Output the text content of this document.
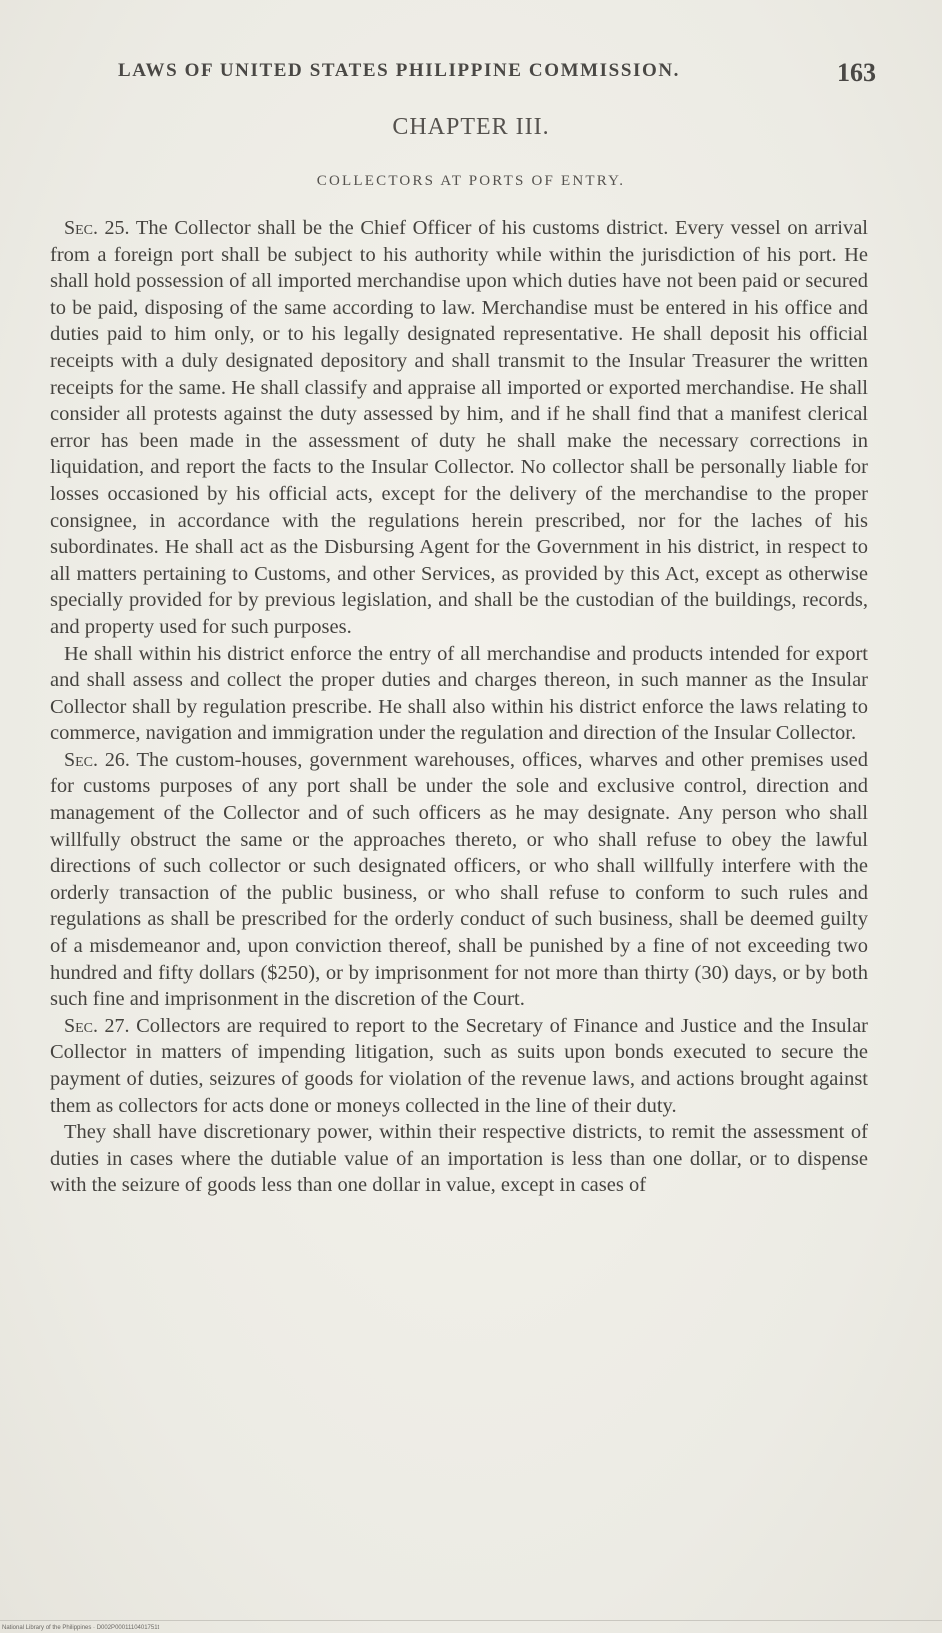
LAWS OF UNITED STATES PHILIPPINE COMMISSION.	163
CHAPTER III.
COLLECTORS AT PORTS OF ENTRY.

Sec. 25. The Collector shall be the Chief Officer of his customs district. Every vessel on arrival from a foreign port shall be subject to his authority while within the jurisdiction of his port. He shall hold possession of all imported merchandise upon which duties have not been paid or secured to be paid, disposing of the same according to law. Merchandise must be entered in his office and duties paid to him only, or to his legally designated representative. He shall deposit his official receipts with a duly designated depository and shall transmit to the Insular Treasurer the written receipts for the same. He shall classify and appraise all imported or exported merchandise. He shall consider all protests against the duty assessed by him, and if he shall find that a manifest clerical error has been made in the assessment of duty he shall make the necessary corrections in liquidation, and report the facts to the Insular Collector. No collector shall be personally liable for losses occasioned by his official acts, except for the delivery of the merchandise to the proper consignee, in accordance with the regulations herein prescribed, nor for the laches of his subordinates. He shall act as the Disbursing Agent for the Government in his district, in respect to all matters pertaining to Customs, and other Services, as provided by this Act, except as otherwise specially provided for by previous legislation, and shall be the custodian of the buildings, records, and property used for such purposes.

He shall within his district enforce the entry of all merchandise and products intended for export and shall assess and collect the proper duties and charges thereon, in such manner as the Insular Collector shall by regulation prescribe. He shall also within his district enforce the laws relating to commerce, navigation and immigration under the regulation and direction of the Insular Collector.

Sec. 26. The custom-houses, government warehouses, offices, wharves and other premises used for customs purposes of any port shall be under the sole and exclusive control, direction and management of the Collector and of such officers as he may designate. Any person who shall willfully obstruct the same or the approaches thereto, or who shall refuse to obey the lawful directions of such collector or such designated officers, or who shall willfully interfere with the orderly transaction of the public business, or who shall refuse to conform to such rules and regulations as shall be prescribed for the orderly conduct of such business, shall be deemed guilty of a misdemeanor and, upon conviction thereof, shall be punished by a fine of not exceeding two hundred and fifty dollars ($250), or by imprisonment for not more than thirty (30) days, or by both such fine and imprisonment in the discretion of the Court.

Sec. 27. Collectors are required to report to the Secretary of Finance and Justice and the Insular Collector in matters of impending litigation, such as suits upon bonds executed to secure the payment of duties, seizures of goods for violation of the revenue laws, and actions brought against them as collectors for acts done or moneys collected in the line of their duty.

They shall have discretionary power, within their respective districts, to remit the assessment of duties in cases where the dutiable value of an importation is less than one dollar, or to dispense with the seizure of goods less than one dollar in value, except in cases of

National Library of the Philippines · D002P0001110401751t
